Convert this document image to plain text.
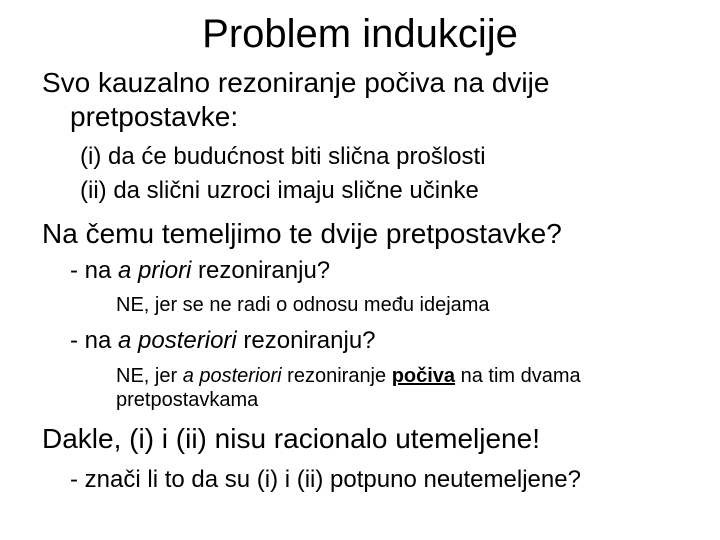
Problem indukcije
Svo kauzalno rezoniranje počiva na dvije
pretpostavke:
(i) da će budućnost biti slična prošlosti
(ii) da slični uzroci imaju slične učinke
Na čemu temeljimo te dvije pretpostavke?
- na a priori rezoniranju?
NE, jer se ne radi o odnosu među idejama
- na a posteriori rezoniranju?
NE, jer a posteriori rezoniranje počiva na tim dvama
pretpostavkama
Dakle, (i) i (ii) nisu racionalo utemeljene!
- znači li to da su (i) i (ii) potpuno neutemeljene?
